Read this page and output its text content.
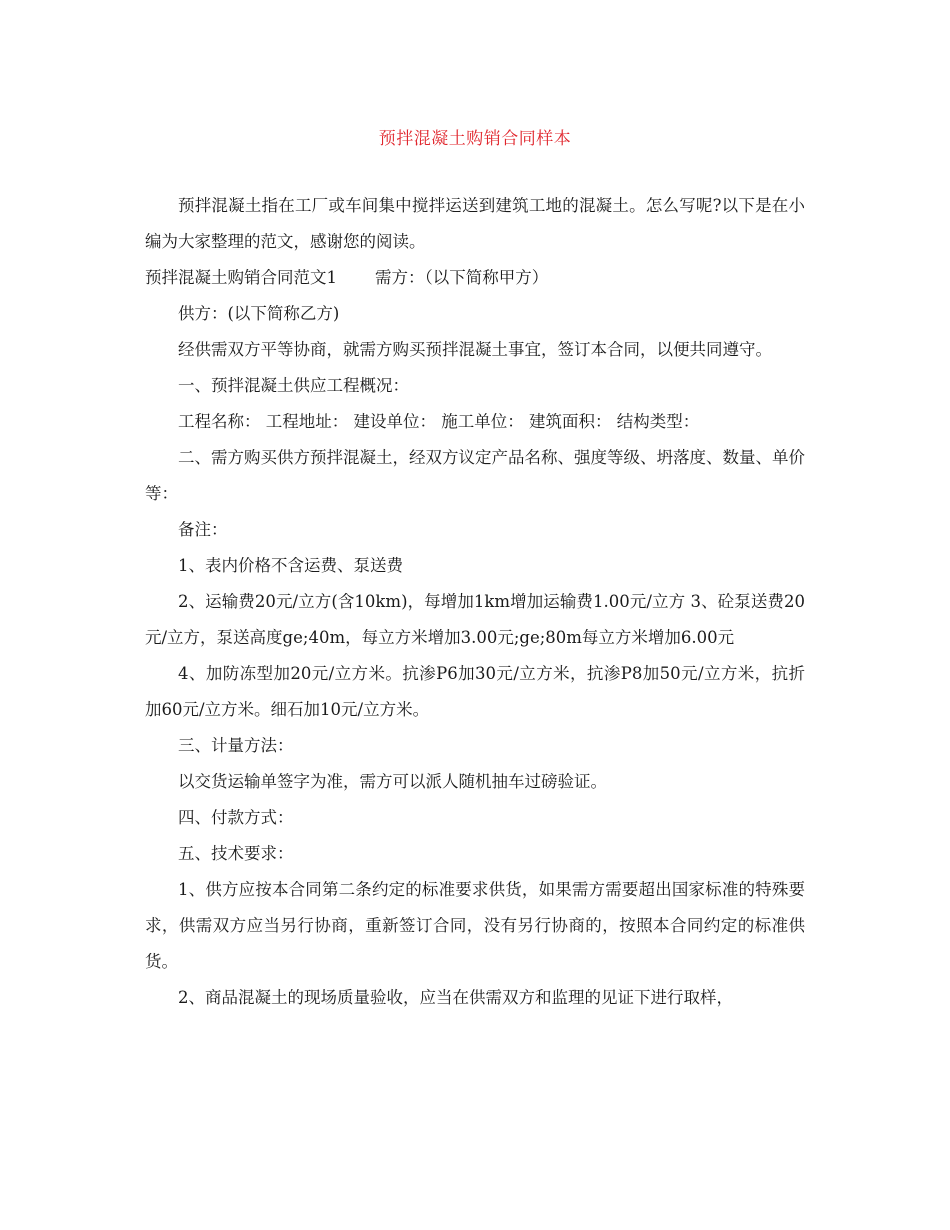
预拌混凝土购销合同样本

预拌混凝土指在工厂或车间集中搅拌运送到建筑工地的混凝土。怎么写呢?以下是在小编为大家整理的范文，感谢您的阅读。

预拌混凝土购销合同范文1 需方：（以下简称甲方）

供方：(以下简称乙方)

经供需双方平等协商，就需方购买预拌混凝土事宜，签订本合同，以便共同遵守。

一、预拌混凝土供应工程概况：

工程名称： 工程地址： 建设单位： 施工单位： 建筑面积： 结构类型：

二、需方购买供方预拌混凝土，经双方议定产品名称、强度等级、坍落度、数量、单价等：

备注：

1、表内价格不含运费、泵送费

2、运输费20元/立方(含10km)，每增加1km增加运输费1.00元/立方 3、砼泵送费20元/立方，泵送高度ge;40m，每立方米增加3.00元;ge;80m每立方米增加6.00元

4、加防冻型加20元/立方米。抗渗P6加30元/立方米，抗渗P8加50元/立方米，抗折加60元/立方米。细石加10元/立方米。

三、计量方法：

以交货运输单签字为准，需方可以派人随机抽车过磅验证。

四、付款方式：

五、技术要求：

1、供方应按本合同第二条约定的标准要求供货，如果需方需要超出国家标准的特殊要求，供需双方应当另行协商，重新签订合同，没有另行协商的，按照本合同约定的标准供货。

2、商品混凝土的现场质量验收，应当在供需双方和监理的见证下进行取样，
